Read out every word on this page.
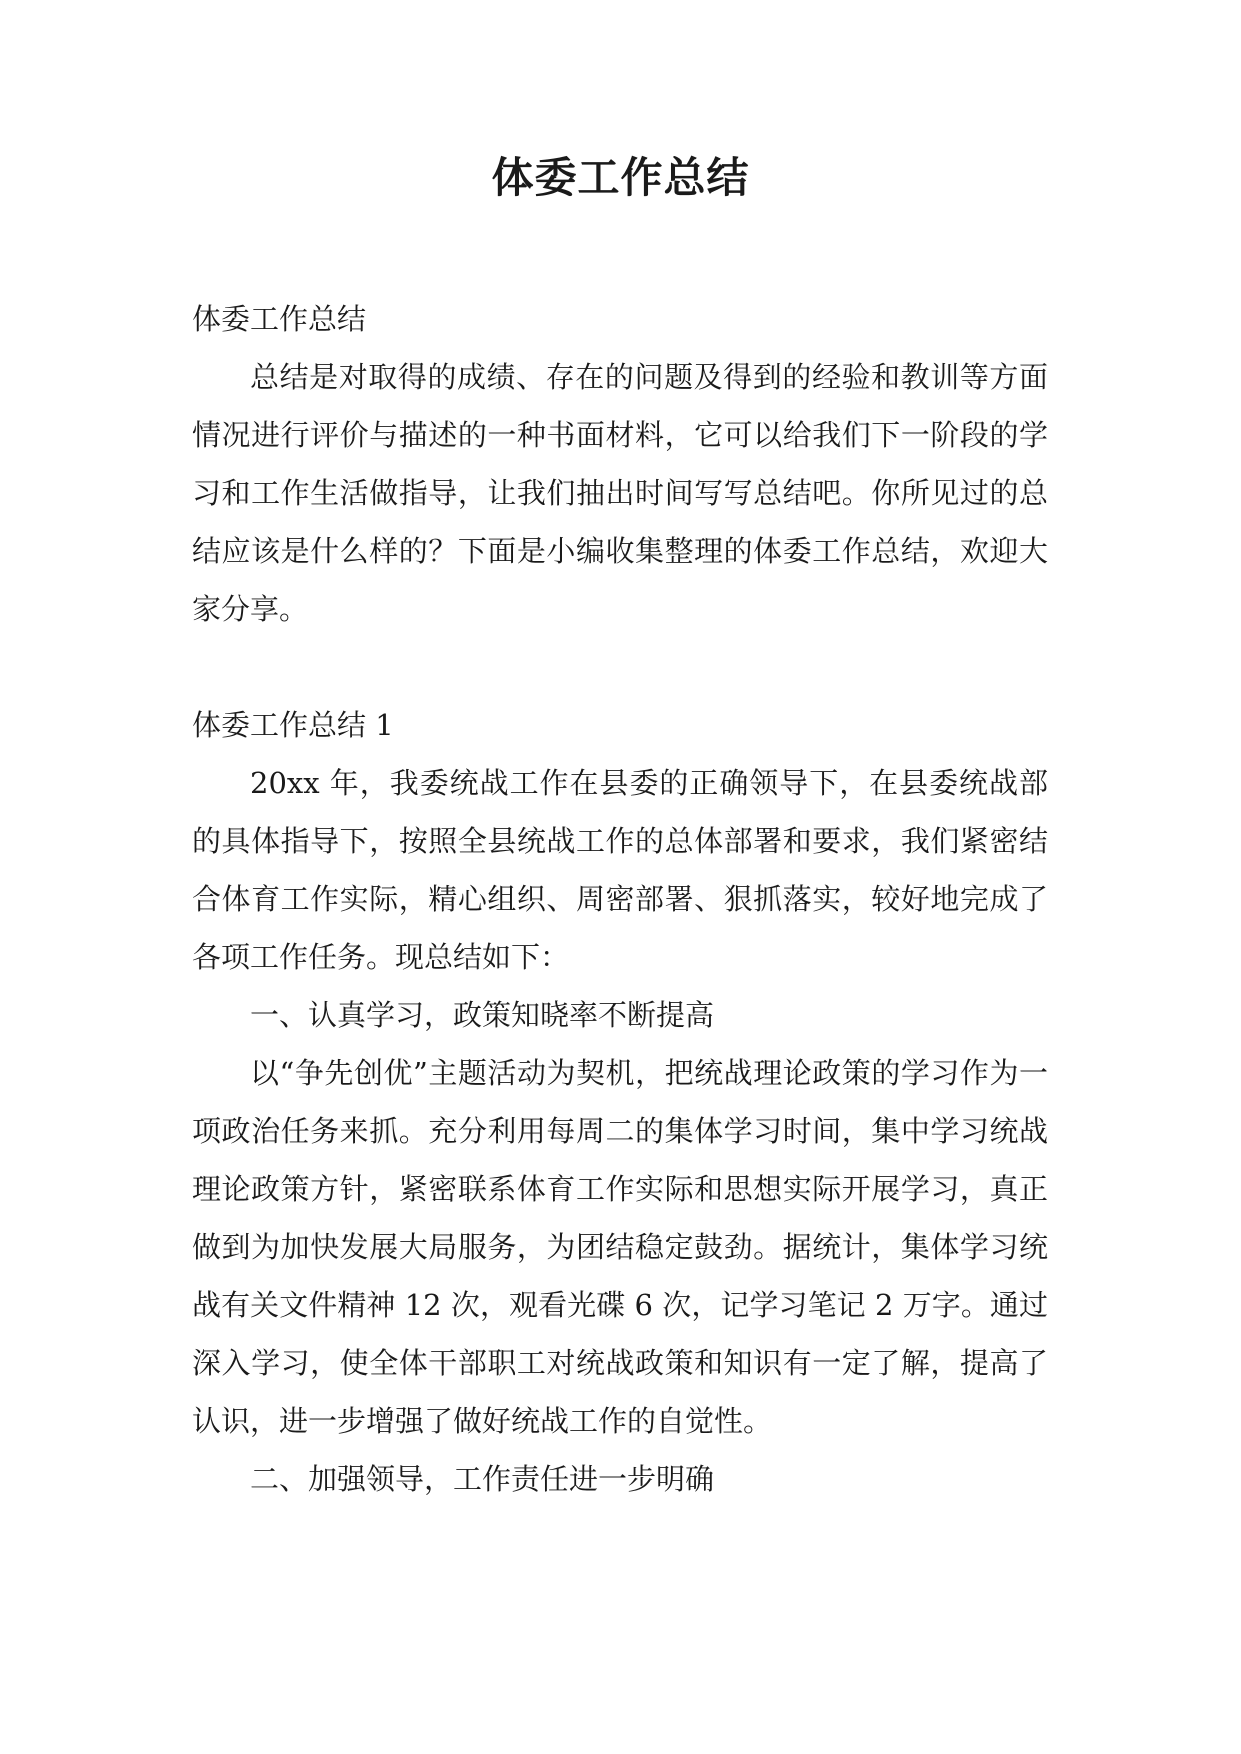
体委工作总结

体委工作总结

总结是对取得的成绩、存在的问题及得到的经验和教训等方面情况进行评价与描述的一种书面材料，它可以给我们下一阶段的学习和工作生活做指导，让我们抽出时间写写总结吧。你所见过的总结应该是什么样的？下面是小编收集整理的体委工作总结，欢迎大家分享。

体委工作总结 1

20xx 年，我委统战工作在县委的正确领导下，在县委统战部的具体指导下，按照全县统战工作的总体部署和要求，我们紧密结合体育工作实际，精心组织、周密部署、狠抓落实，较好地完成了各项工作任务。现总结如下：

一、认真学习，政策知晓率不断提高

以“争先创优”主题活动为契机，把统战理论政策的学习作为一项政治任务来抓。充分利用每周二的集体学习时间，集中学习统战理论政策方针，紧密联系体育工作实际和思想实际开展学习，真正做到为加快发展大局服务，为团结稳定鼓劲。据统计，集体学习统战有关文件精神 12 次，观看光碟 6 次，记学习笔记 2 万字。通过深入学习，使全体干部职工对统战政策和知识有一定了解，提高了认识，进一步增强了做好统战工作的自觉性。

二、加强领导，工作责任进一步明确
